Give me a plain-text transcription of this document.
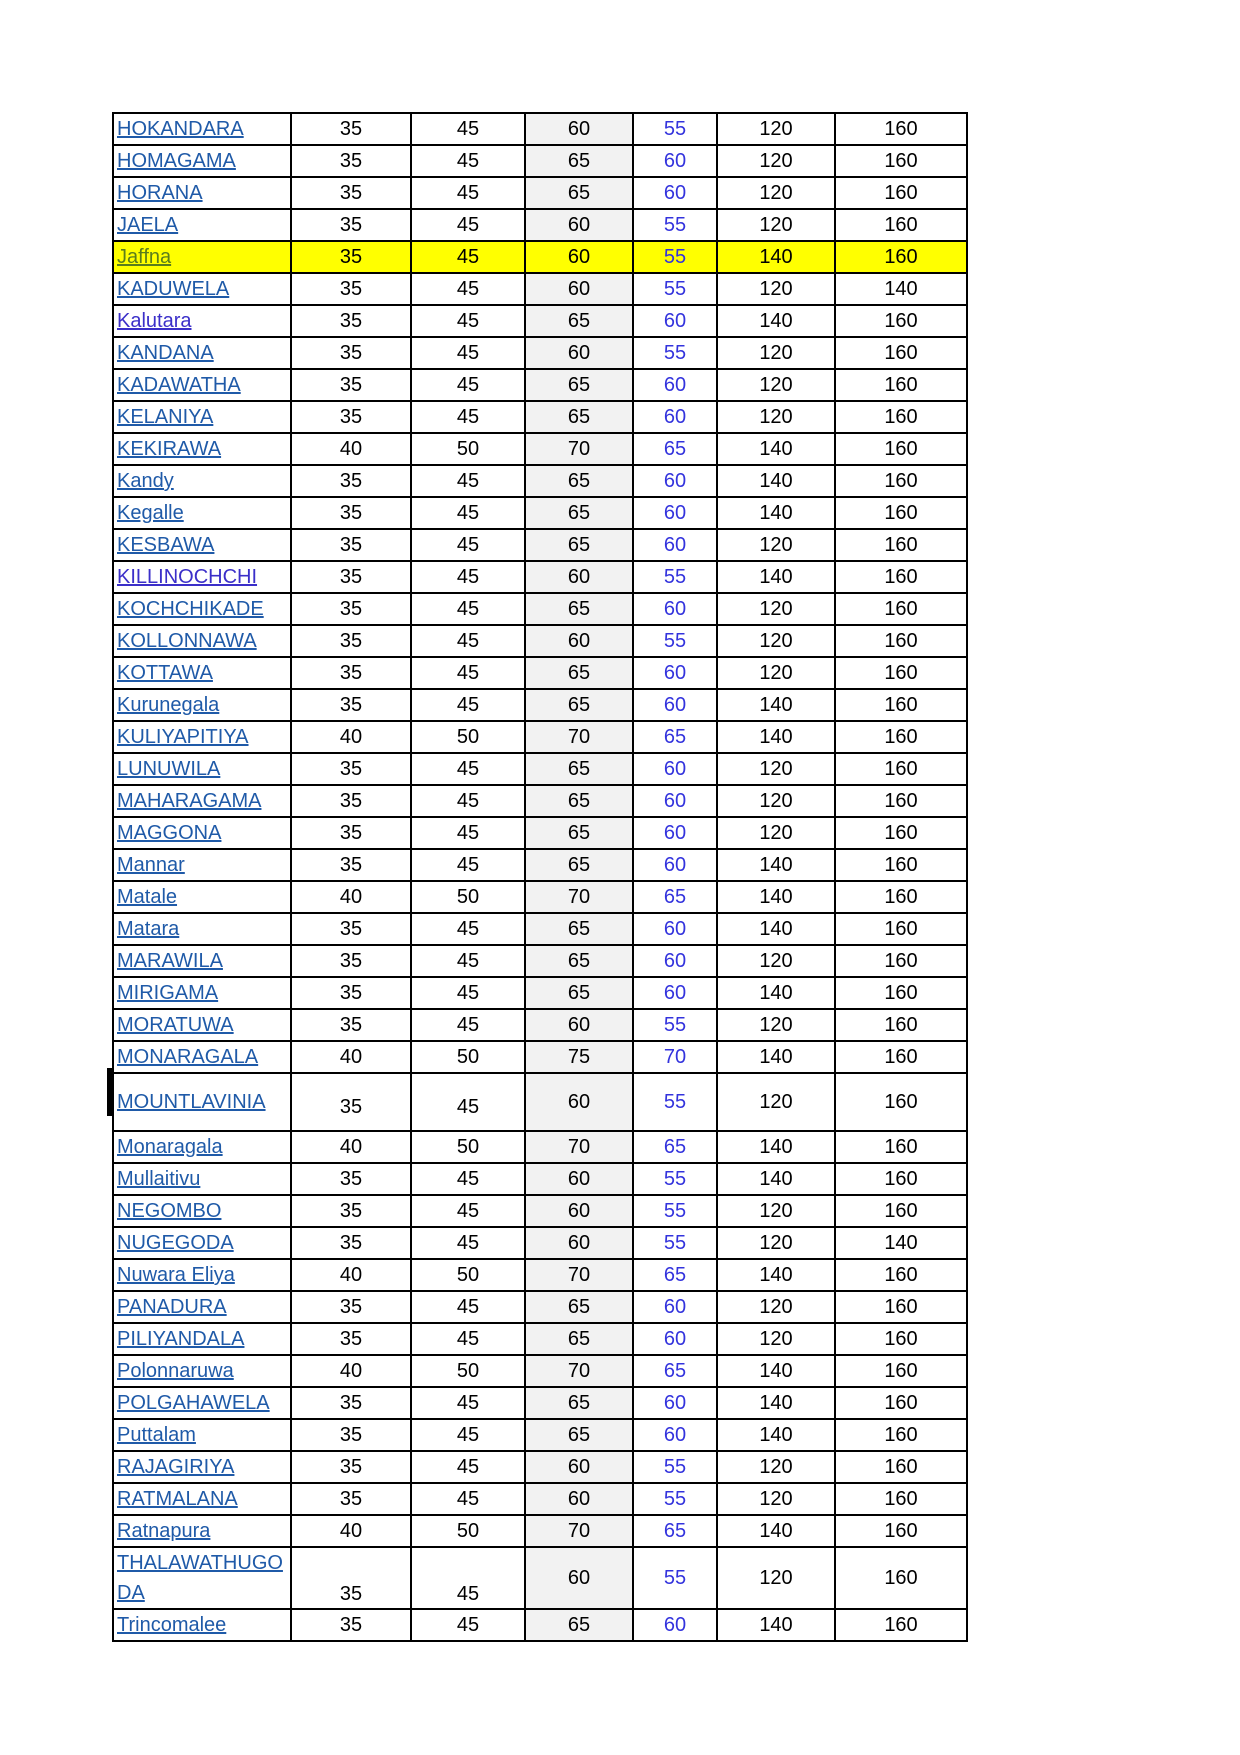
HOKANDARA	35	45	60	55	120	160
HOMAGAMA	35	45	65	60	120	160
HORANA	35	45	65	60	120	160
JAELA	35	45	60	55	120	160
Jaffna	35	45	60	55	140	160
KADUWELA	35	45	60	55	120	140
Kalutara	35	45	65	60	140	160
KANDANA	35	45	60	55	120	160
KADAWATHA	35	45	65	60	120	160
KELANIYA	35	45	65	60	120	160
KEKIRAWA	40	50	70	65	140	160
Kandy	35	45	65	60	140	160
Kegalle	35	45	65	60	140	160
KESBAWA	35	45	65	60	120	160
KILLINOCHCHI	35	45	60	55	140	160
KOCHCHIKADE	35	45	65	60	120	160
KOLLONNAWA	35	45	60	55	120	160
KOTTAWA	35	45	65	60	120	160
Kurunegala	35	45	65	60	140	160
KULIYAPITIYA	40	50	70	65	140	160
LUNUWILA	35	45	65	60	120	160
MAHARAGAMA	35	45	65	60	120	160
MAGGONA	35	45	65	60	120	160
Mannar	35	45	65	60	140	160
Matale	40	50	70	65	140	160
Matara	35	45	65	60	140	160
MARAWILA	35	45	65	60	120	160
MIRIGAMA	35	45	65	60	140	160
MORATUWA	35	45	60	55	120	160
MONARAGALA	40	50	75	70	140	160
MOUNTLAVINIA	35	45	60	55	120	160
Monaragala	40	50	70	65	140	160
Mullaitivu	35	45	60	55	140	160
NEGOMBO	35	45	60	55	120	160
NUGEGODA	35	45	60	55	120	140
Nuwara Eliya	40	50	70	65	140	160
PANADURA	35	45	65	60	120	160
PILIYANDALA	35	45	65	60	120	160
Polonnaruwa	40	50	70	65	140	160
POLGAHAWELA	35	45	65	60	140	160
Puttalam	35	45	65	60	140	160
RAJAGIRIYA	35	45	60	55	120	160
RATMALANA	35	45	60	55	120	160
Ratnapura	40	50	70	65	140	160
THALAWATHUGO DA	35	45	60	55	120	160
Trincomalee	35	45	65	60	140	160
